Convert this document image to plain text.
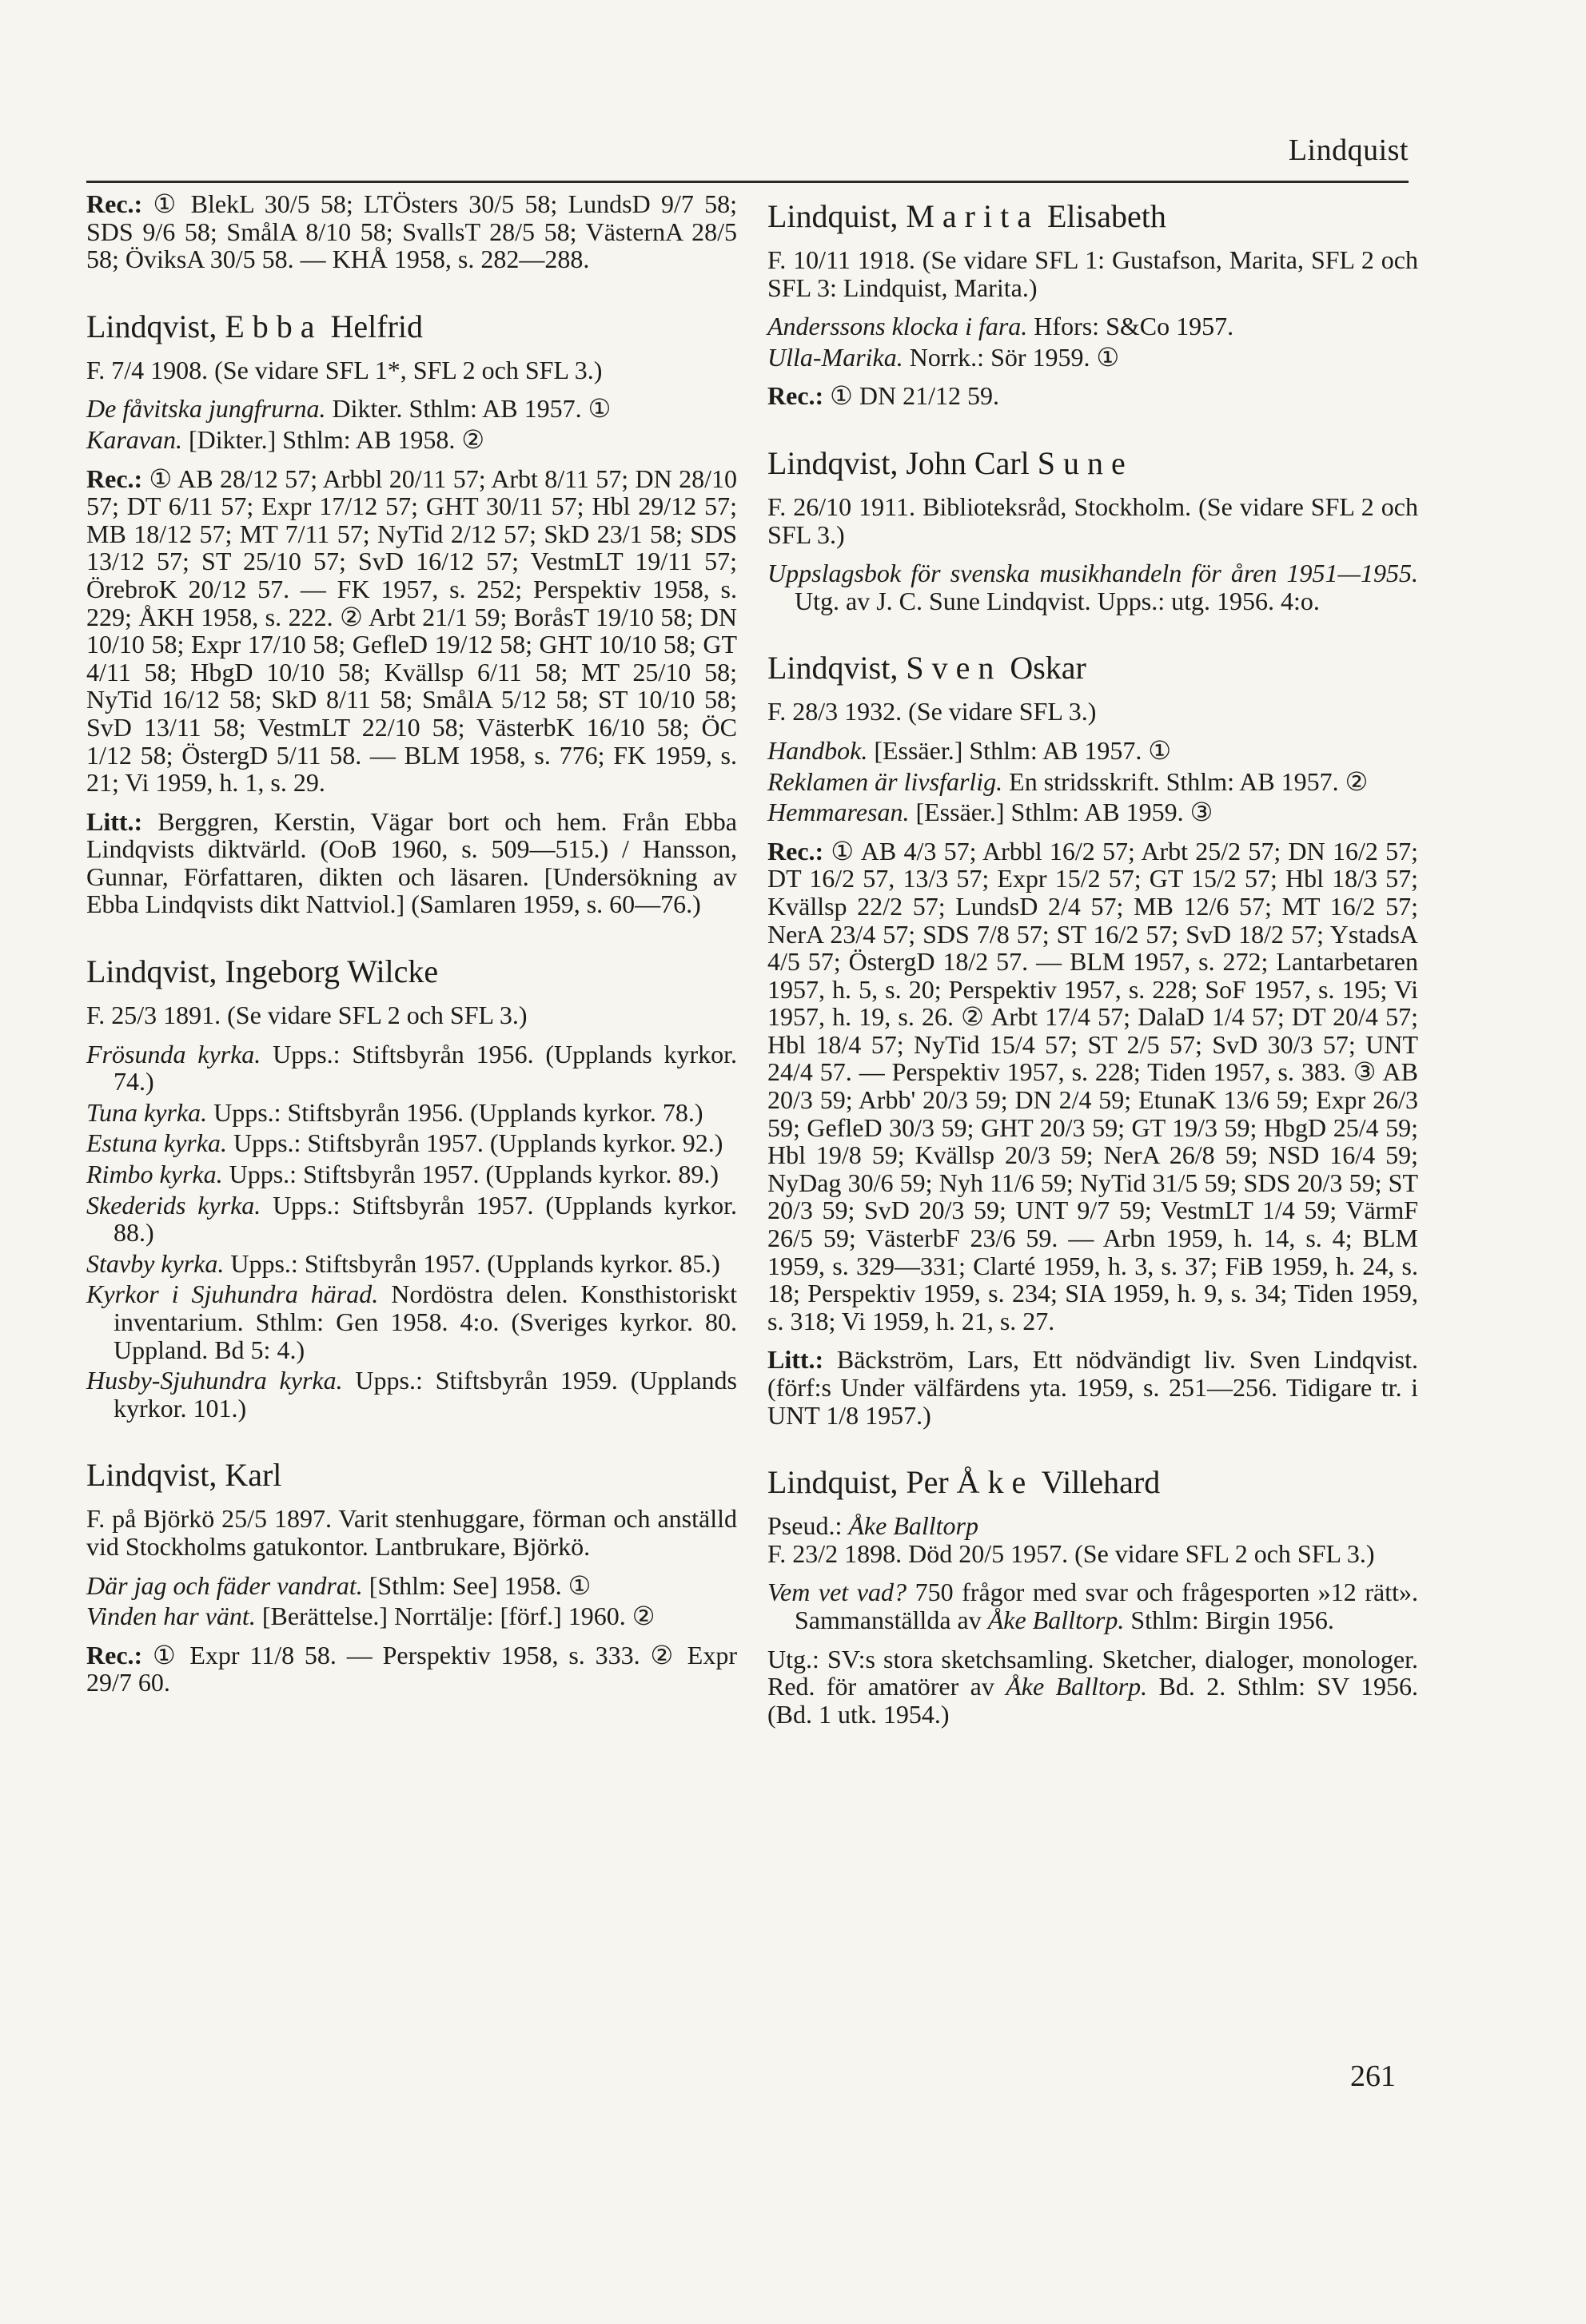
Lindquist
Rec.: ① BlekL 30/5 58; LTÖsters 30/5 58; LundsD 9/7 58; SDS 9/6 58; SmålA 8/10 58; SvallsT 28/5 58; VästernA 28/5 58; ÖviksA 30/5 58. — KHÅ 1958, s. 282—288.
Lindqvist, Ebba Helfrid
F. 7/4 1908. (Se vidare SFL 1*, SFL 2 och SFL 3.)
De fåvitska jungfrurna. Dikter. Sthlm: AB 1957. ①
Karavan. [Dikter.] Sthlm: AB 1958. ②
Rec.: ① AB 28/12 57; Arbbl 20/11 57; Arbt 8/11 57; DN 28/10 57; DT 6/11 57; Expr 17/12 57; GHT 30/11 57; Hbl 29/12 57; MB 18/12 57; MT 7/11 57; NyTid 2/12 57; SkD 23/1 58; SDS 13/12 57; ST 25/10 57; SvD 16/12 57; VestmLT 19/11 57; ÖrebroK 20/12 57. — FK 1957, s. 252; Perspektiv 1958, s. 229; ÅKH 1958, s. 222. ② Arbt 21/1 59; BoråsT 19/10 58; DN 10/10 58; Expr 17/10 58; GefleD 19/12 58; GHT 10/10 58; GT 4/11 58; HbgD 10/10 58; Kvällsp 6/11 58; MT 25/10 58; NyTid 16/12 58; SkD 8/11 58; SmålA 5/12 58; ST 10/10 58; SvD 13/11 58; VestmLT 22/10 58; VästerbK 16/10 58; ÖC 1/12 58; ÖstergD 5/11 58. — BLM 1958, s. 776; FK 1959, s. 21; Vi 1959, h. 1, s. 29.
Litt.: Berggren, Kerstin, Vägar bort och hem. Från Ebba Lindqvists diktvärld. (OoB 1960, s. 509—515.) / Hansson, Gunnar, Författaren, dikten och läsaren. [Undersökning av Ebba Lindqvists dikt Nattviol.] (Samlaren 1959, s. 60—76.)
Lindqvist, Ingeborg Wilcke
F. 25/3 1891. (Se vidare SFL 2 och SFL 3.)
Frösunda kyrka. Upps.: Stiftsbyrån 1956. (Upplands kyrkor. 74.)
Tuna kyrka. Upps.: Stiftsbyrån 1956. (Upplands kyrkor. 78.)
Estuna kyrka. Upps.: Stiftsbyrån 1957. (Upplands kyrkor. 92.)
Rimbo kyrka. Upps.: Stiftsbyrån 1957. (Upplands kyrkor. 89.)
Skederids kyrka. Upps.: Stiftsbyrån 1957. (Upplands kyrkor. 88.)
Stavby kyrka. Upps.: Stiftsbyrån 1957. (Upplands kyrkor. 85.)
Kyrkor i Sjuhundra härad. Nordöstra delen. Konsthistoriskt inventarium. Sthlm: Gen 1958. 4:o. (Sveriges kyrkor. 80. Uppland. Bd 5: 4.)
Husby-Sjuhundra kyrka. Upps.: Stiftsbyrån 1959. (Upplands kyrkor. 101.)
Lindqvist, Karl
F. på Björkö 25/5 1897. Varit stenhuggare, förman och anställd vid Stockholms gatukontor. Lantbrukare, Björkö.
Där jag och fäder vandrat. [Sthlm: See] 1958. ①
Vinden har vänt. [Berättelse.] Norrtälje: [förf.] 1960. ②
Rec.: ① Expr 11/8 58. — Perspektiv 1958, s. 333. ② Expr 29/7 60.
Lindquist, Marita Elisabeth
F. 10/11 1918. (Se vidare SFL 1: Gustafson, Marita, SFL 2 och SFL 3: Lindquist, Marita.)
Anderssons klocka i fara. Hfors: S&Co 1957.
Ulla-Marika. Norrk.: Sör 1959. ①
Rec.: ① DN 21/12 59.
Lindqvist, John Carl Sune
F. 26/10 1911. Biblioteksråd, Stockholm. (Se vidare SFL 2 och SFL 3.)
Uppslagsbok för svenska musikhandeln för åren 1951—1955. Utg. av J. C. Sune Lindqvist. Upps.: utg. 1956. 4:o.
Lindqvist, Sven Oskar
F. 28/3 1932. (Se vidare SFL 3.)
Handbok. [Essäer.] Sthlm: AB 1957. ①
Reklamen är livsfarlig. En stridsskrift. Sthlm: AB 1957. ②
Hemmaresan. [Essäer.] Sthlm: AB 1959. ③
Rec.: ① AB 4/3 57; Arbbl 16/2 57; Arbt 25/2 57; DN 16/2 57; DT 16/2 57, 13/3 57; Expr 15/2 57; GT 15/2 57; Hbl 18/3 57; Kvällsp 22/2 57; LundsD 2/4 57; MB 12/6 57; MT 16/2 57; NerA 23/4 57; SDS 7/8 57; ST 16/2 57; SvD 18/2 57; YstadsA 4/5 57; ÖstergD 18/2 57. — BLM 1957, s. 272; Lantarbetaren 1957, h. 5, s. 20; Perspektiv 1957, s. 228; SoF 1957, s. 195; Vi 1957, h. 19, s. 26. ② Arbt 17/4 57; DalaD 1/4 57; DT 20/4 57; Hbl 18/4 57; NyTid 15/4 57; ST 2/5 57; SvD 30/3 57; UNT 24/4 57. — Perspektiv 1957, s. 228; Tiden 1957, s. 383. ③ AB 20/3 59; Arbb' 20/3 59; DN 2/4 59; EtunaK 13/6 59; Expr 26/3 59; GefleD 30/3 59; GHT 20/3 59; GT 19/3 59; HbgD 25/4 59; Hbl 19/8 59; Kvällsp 20/3 59; NerA 26/8 59; NSD 16/4 59; NyDag 30/6 59; Nyh 11/6 59; NyTid 31/5 59; SDS 20/3 59; ST 20/3 59; SvD 20/3 59; UNT 9/7 59; VestmLT 1/4 59; VärmF 26/5 59; VästerbF 23/6 59. — Arbn 1959, h. 14, s. 4; BLM 1959, s. 329—331; Clarté 1959, h. 3, s. 37; FiB 1959, h. 24, s. 18; Perspektiv 1959, s. 234; SIA 1959, h. 9, s. 34; Tiden 1959, s. 318; Vi 1959, h. 21, s. 27.
Litt.: Bäckström, Lars, Ett nödvändigt liv. Sven Lindqvist. (förf:s Under välfärdens yta. 1959, s. 251—256. Tidigare tr. i UNT 1/8 1957.)
Lindquist, Per Åke Villehard
Pseud.: Åke Balltorp
F. 23/2 1898. Död 20/5 1957. (Se vidare SFL 2 och SFL 3.)
Vem vet vad? 750 frågor med svar och frågesporten »12 rätt». Sammanställda av Åke Balltorp. Sthlm: Birgin 1956.
Utg.: SV:s stora sketchsamling. Sketcher, dialoger, monologer. Red. för amatörer av Åke Balltorp. Bd. 2. Sthlm: SV 1956. (Bd. 1 utk. 1954.)
261
